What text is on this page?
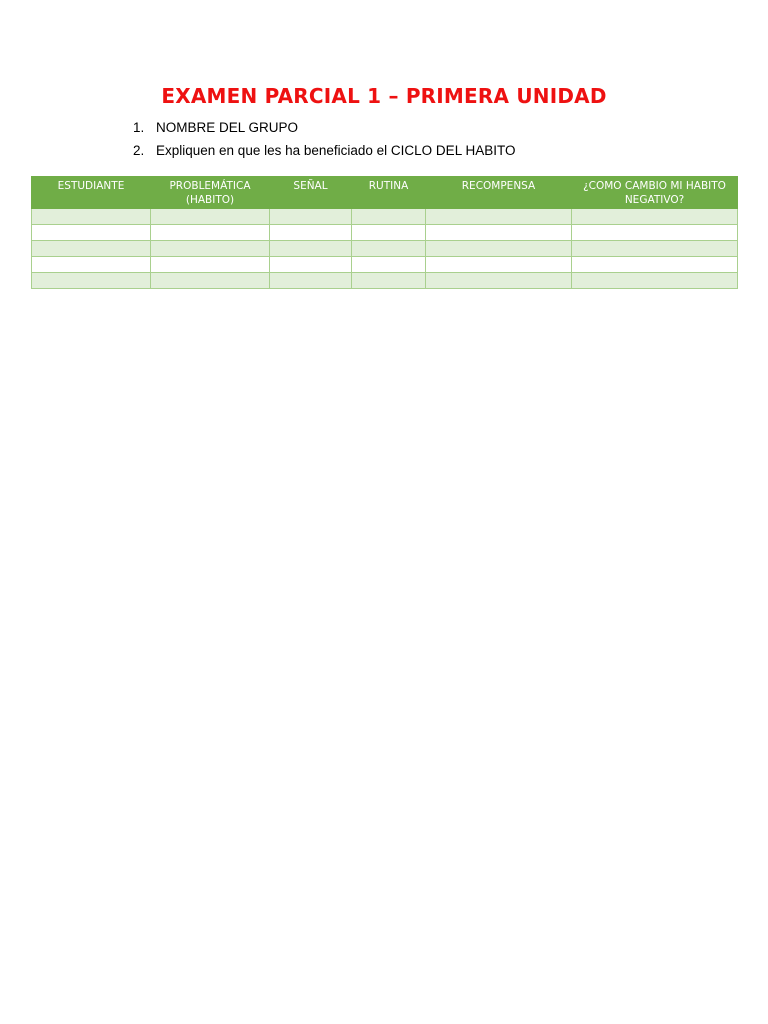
EXAMEN PARCIAL 1 – PRIMERA UNIDAD
1. NOMBRE DEL GRUPO
2. Expliquen en que les ha beneficiado el CICLO DEL HABITO
ESTUDIANTE	PROBLEMÁTICA (HABITO)	SEÑAL	RUTINA	RECOMPENSA	¿COMO CAMBIO MI HABITO NEGATIVO?
